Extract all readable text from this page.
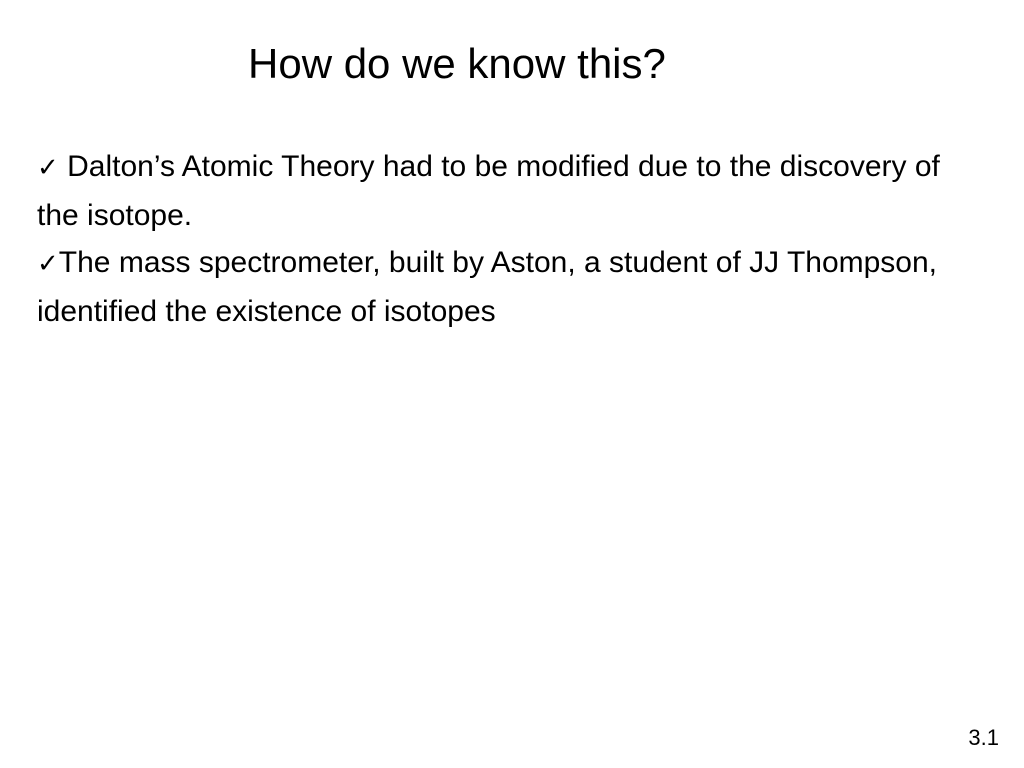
How do we know this?

✓ Dalton’s Atomic Theory had to be modified due to the discovery of the isotope.

✓The mass spectrometer, built by Aston, a student of JJ Thompson, identified the existence of isotopes

3.1
